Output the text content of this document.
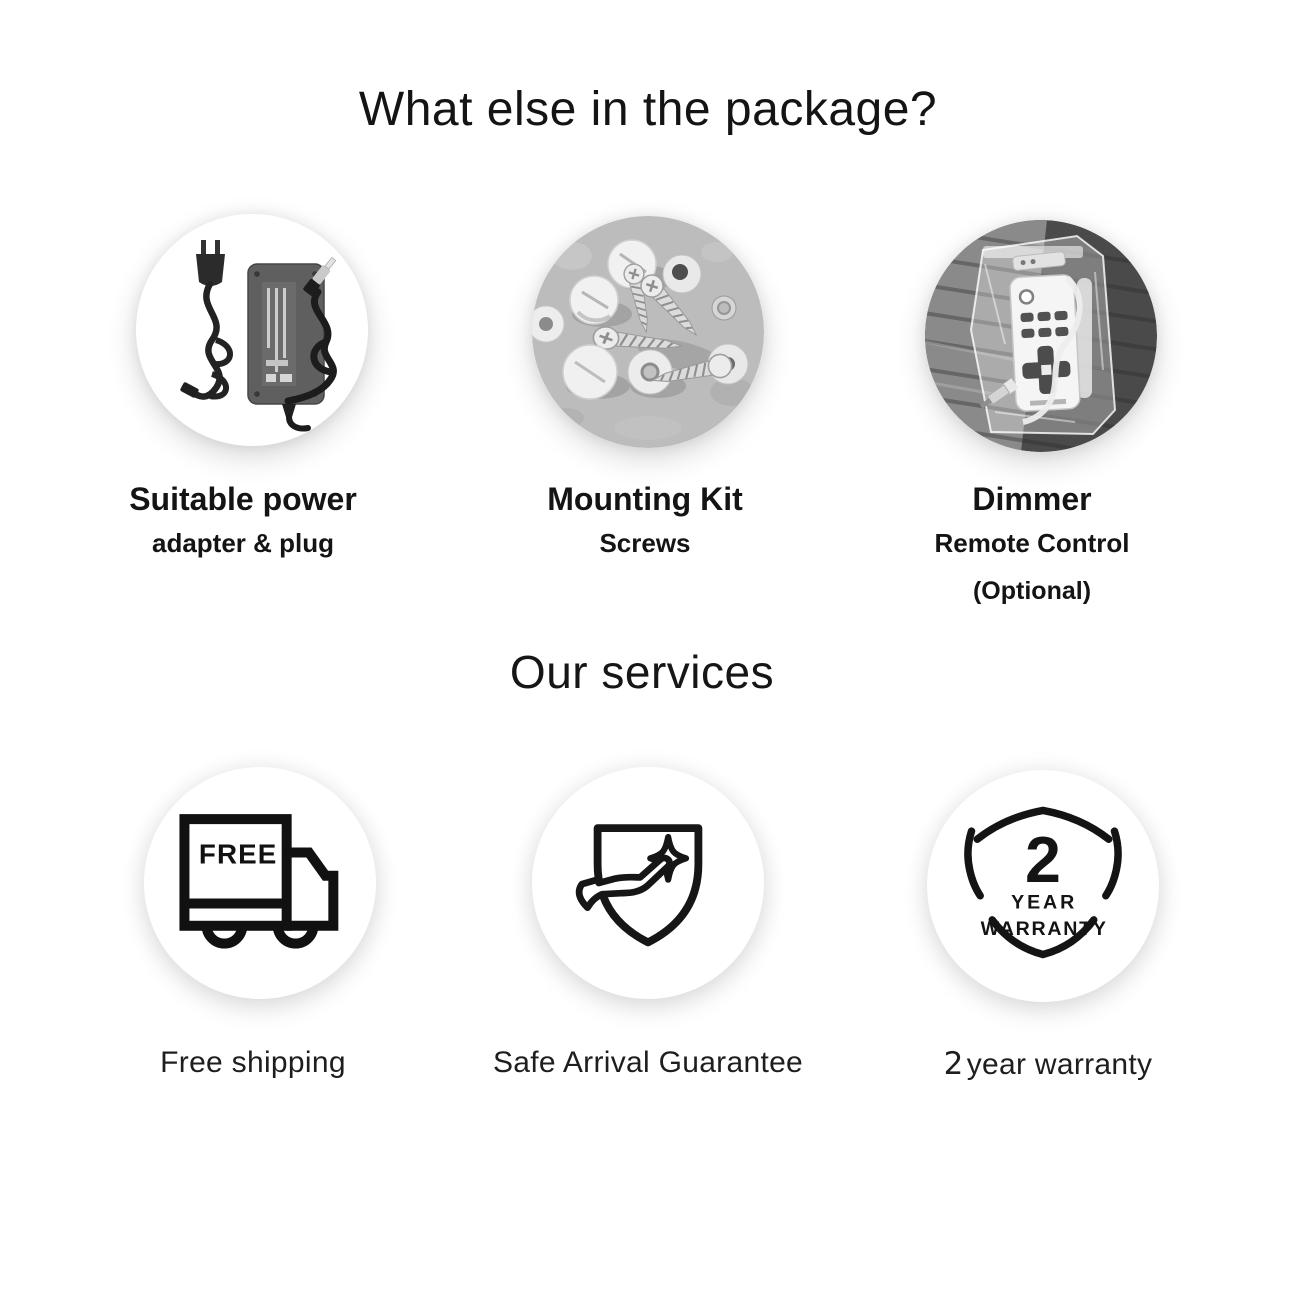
What else in the package?
Suitable power
adapter & plug
Mounting Kit
Screws
Dimmer
Remote Control
(Optional)
Our services
FREE	2
YEAR
WARRANTY
Free shipping	Safe Arrival Guarantee	2 year warranty
